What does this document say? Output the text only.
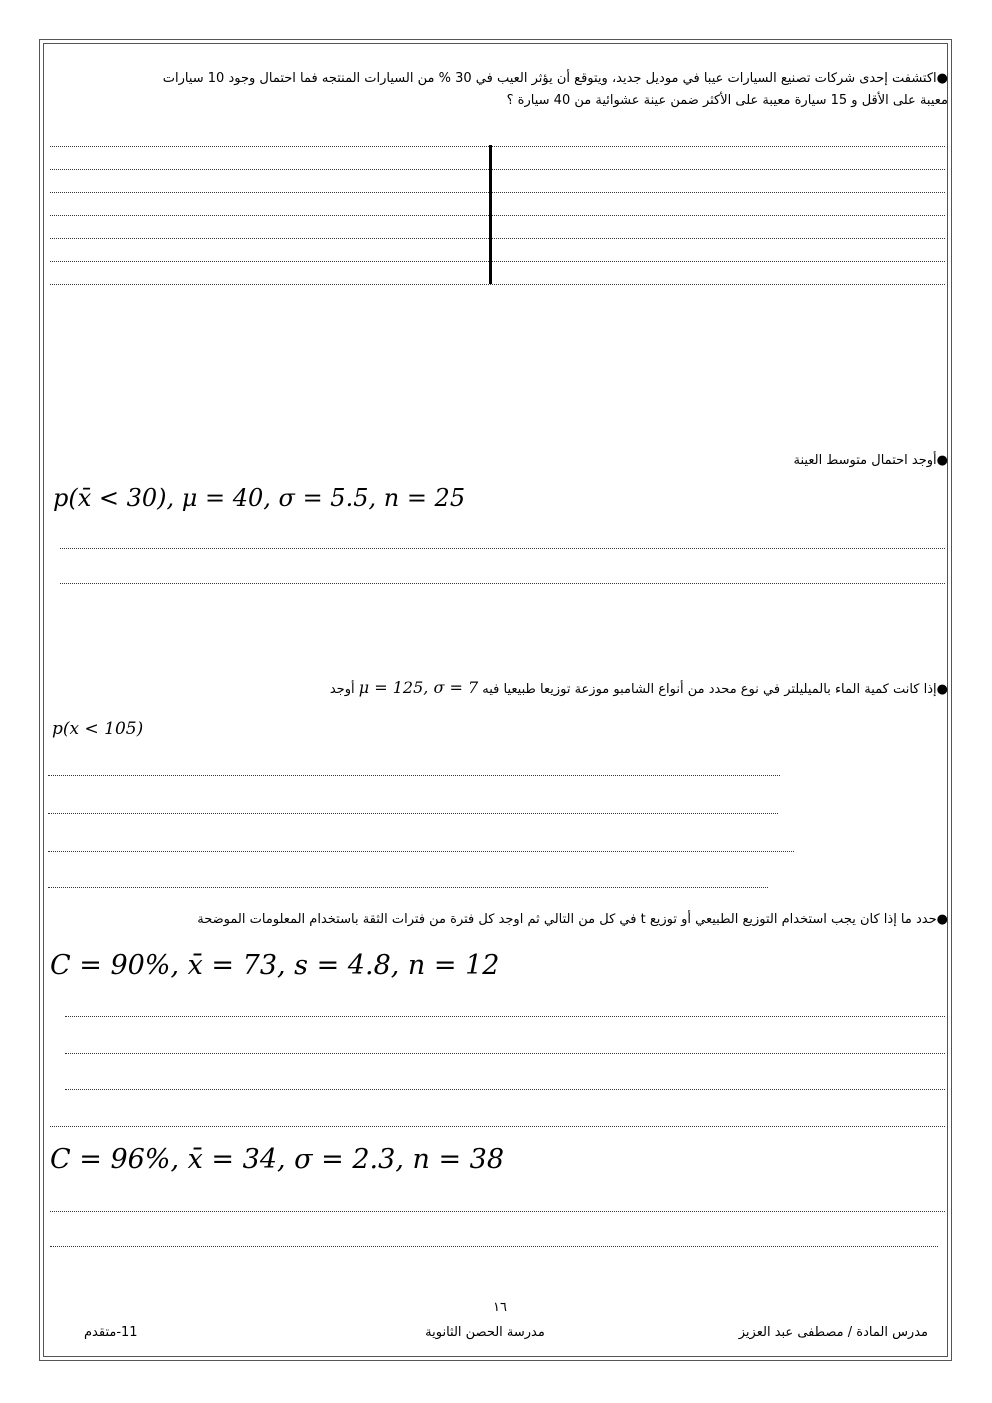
●اكتشفت إحدى شركات تصنيع السيارات عيبا في موديل جديد، ويتوقع أن يؤثر العيب في 30 % من السيارات المنتجه فما احتمال وجود 10 سيارات
معيبة على الأقل و 15 سيارة معيبة على الأكثر ضمن عينة عشوائية من 40 سيارة ؟
●أوجد احتمال متوسط العينة
p(x̄ < 30), μ = 40, σ = 5.5, n = 25
●إذا كانت كمية الماء بالميليلتر في نوع محدد من أنواع الشامبو موزعة توزيعا طبيعيا فيه μ = 125, σ = 7 أوجد
p(x < 105)
●حدد ما إذا كان يجب استخدام التوزيع الطبيعي أو توزيع t في كل من التالي ثم اوجد كل فترة من فترات الثقة باستخدام المعلومات الموضحة
C = 90%, x̄ = 73, s = 4.8, n = 12
C = 96%, x̄ = 34, σ = 2.3, n = 38
١٦
11-متقدم	مدرسة الحصن الثانوية	مدرس المادة / مصطفى عبد العزيز
